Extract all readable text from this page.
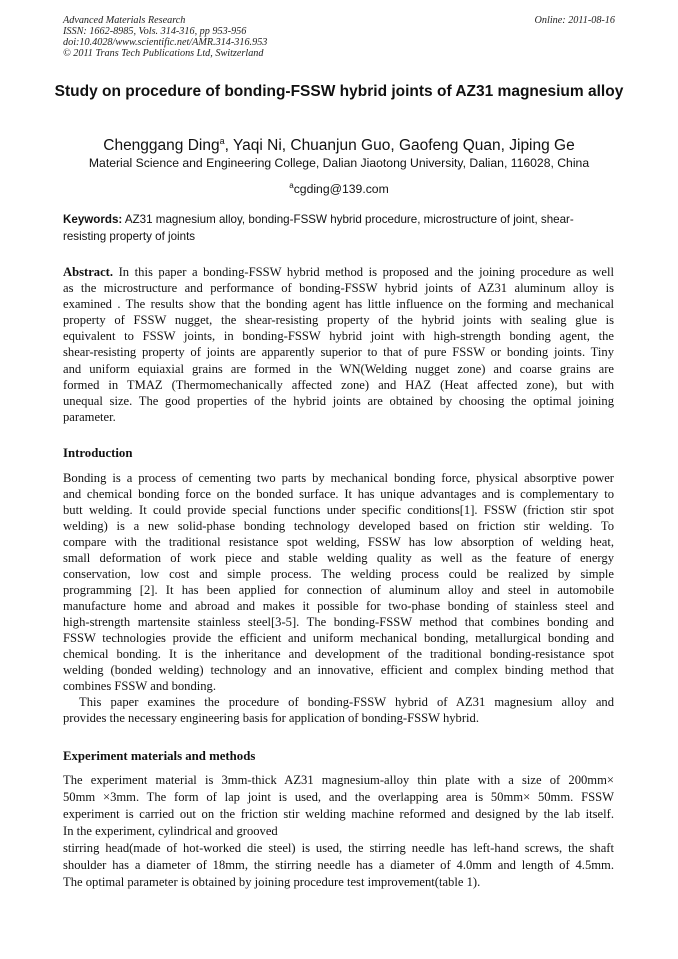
Advanced Materials Research
ISSN: 1662-8985, Vols. 314-316, pp 953-956
doi:10.4028/www.scientific.net/AMR.314-316.953
© 2011 Trans Tech Publications Ltd, Switzerland
Online: 2011-08-16
Study on procedure of bonding-FSSW hybrid joints of AZ31 magnesium alloy
Chenggang Ding$^a$, Yaqi Ni, Chuanjun Guo, Gaofeng Quan, Jiping Ge
Material Science and Engineering College, Dalian Jiaotong University, Dalian, 116028, China
$^a$cgding@139.com
Keywords: AZ31 magnesium alloy, bonding-FSSW hybrid procedure, microstructure of joint, shear-resisting property of joints
Abstract. In this paper a bonding-FSSW hybrid method is proposed and the joining procedure as well
as the microstructure and performance of bonding-FSSW hybrid joints of AZ31 aluminum alloy is
examined . The results show that the bonding agent has little influence on the forming and mechanical
property of FSSW nugget, the shear-resisting property of the hybrid joints with sealing glue is
equivalent to FSSW joints, in bonding-FSSW hybrid joint with high-strength bonding agent, the
shear-resisting property of joints are apparently superior to that of pure FSSW or bonding joints. Tiny
and uniform equiaxial grains are formed in the WN(Welding nugget zone) and coarse grains are
formed in TMAZ (Thermomechanically affected zone) and HAZ (Heat affected zone), but with
unequal size. The good properties of the hybrid joints are obtained by choosing the optimal joining
parameter.
Introduction
Bonding is a process of cementing two parts by mechanical bonding force, physical absorptive power
and chemical bonding force on the bonded surface. It has unique advantages and is complementary to
butt welding. It could provide special functions under specific conditions[1]. FSSW (friction stir spot
welding) is a new solid-phase bonding technology developed based on friction stir welding. To
compare with the traditional resistance spot welding, FSSW has low absorption of welding heat,
small deformation of work piece and stable welding quality as well as the feature of energy
conservation, low cost and simple process. The welding process could be realized by simple
programming [2]. It has been applied for connection of aluminum alloy and steel in automobile
manufacture home and abroad and makes it possible for two-phase bonding of stainless steel and
high-strength martensite stainless steel[3-5]. The bonding-FSSW method that combines bonding and
FSSW technologies provide the efficient and uniform mechanical bonding, metallurgical bonding and
chemical bonding. It is the inheritance and development of the traditional bonding-resistance spot
welding (bonded welding) technology and an innovative, efficient and complex binding method that
combines FSSW and bonding.
This paper examines the procedure of bonding-FSSW hybrid of AZ31 magnesium alloy and
provides the necessary engineering basis for application of bonding-FSSW hybrid.
Experiment materials and methods
The experiment material is 3mm-thick AZ31 magnesium-alloy thin plate with a size of 200mm×
50mm ×3mm. The form of lap joint is used, and the overlapping area is 50mm× 50mm. FSSW
experiment is carried out on the friction stir welding machine reformed and designed by the lab itself.
In the experiment, cylindrical and grooved
stirring head(made of hot-worked die steel) is used, the stirring needle has left-hand screws, the shaft
shoulder has a diameter of 18mm, the stirring needle has a diameter of 4.0mm and length of 4.5mm.
The optimal parameter is obtained by joining procedure test improvement(table 1).
